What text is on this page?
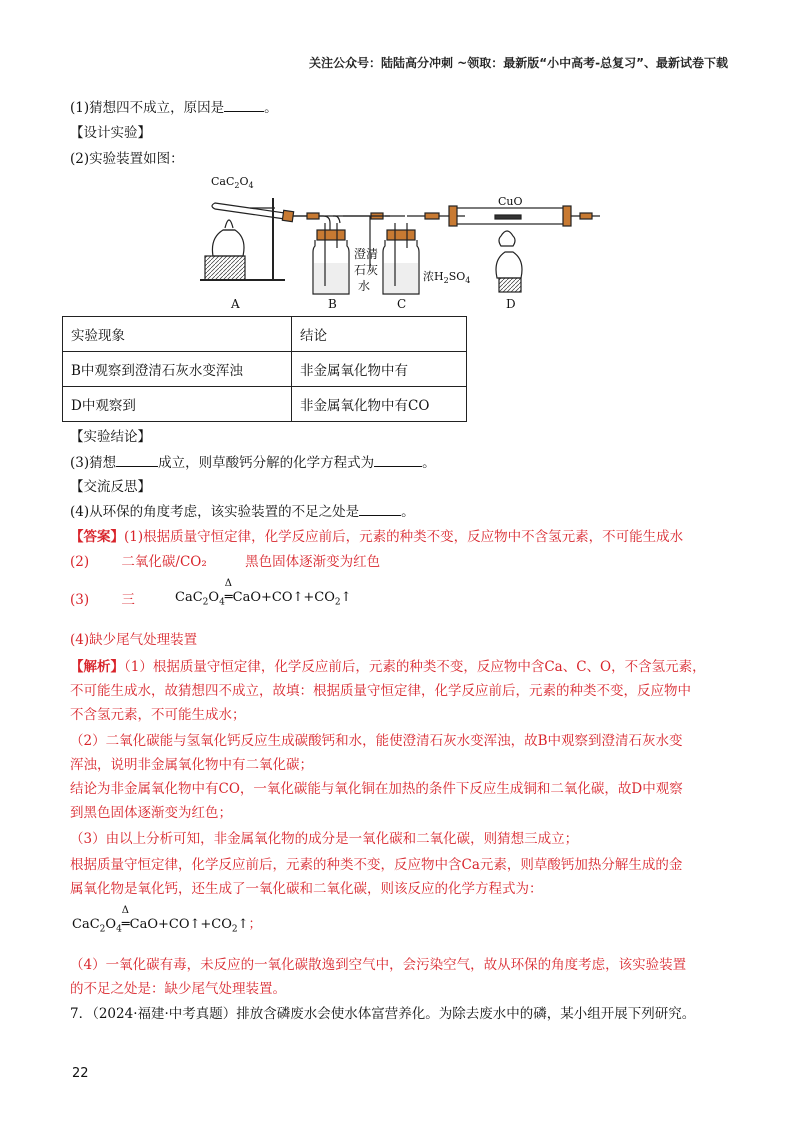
关注公众号：陆陆高分冲刺 ~领取：最新版“小中高考-总复习”、最新试卷下载
(1)猜想四不成立，原因是	。
【设计实验】
(2)实验装置如图：
$CaC_2O_4$
CuO
澄清
石灰
水
浓$H_2SO_4$
A	B	C	D
实验现象	结论
B中观察到澄清石灰水变浑浊	非金属氧化物中有
D中观察到	非金属氧化物中有CO
【实验结论】
(3)猜想	成立，则草酸钙分解的化学方程式为	。
【交流反思】
(4)从环保的角度考虑，该实验装置的不足之处是	。
【答案】(1)根据质量守恒定律，化学反应前后，元素的种类不变，反应物中不含氢元素，不可能生成水
(2) 二氧化碳/CO₂	黑色固体逐渐变为红色
(3) 三	$CaC_2O_4$
Δ
$═CaO+CO↑+CO_2↑$
(4)缺少尾气处理装置
【解析】（1）根据质量守恒定律，化学反应前后，元素的种类不变，反应物中含Ca、C、O，不含氢元素，
不可能生成水，故猜想四不成立，故填：根据质量守恒定律，化学反应前后，元素的种类不变，反应物中
不含氢元素，不可能生成水；
（2）二氧化碳能与氢氧化钙反应生成碳酸钙和水，能使澄清石灰水变浑浊，故B中观察到澄清石灰水变
浑浊，说明非金属氧化物中有二氧化碳；
结论为非金属氧化物中有CO，一氧化碳能与氧化铜在加热的条件下反应生成铜和二氧化碳，故D中观察
到黑色固体逐渐变为红色；
（3）由以上分析可知，非金属氧化物的成分是一氧化碳和二氧化碳，则猜想三成立；
根据质量守恒定律，化学反应前后，元素的种类不变，反应物中含Ca元素，则草酸钙加热分解生成的金
属氧化物是氧化钙，还生成了一氧化碳和二氧化碳，则该反应的化学方程式为：
$CaC_2O_4$
Δ
$═CaO+CO↑+CO_2↑$；
（4）一氧化碳有毒，未反应的一氧化碳散逸到空气中，会污染空气，故从环保的角度考虑，该实验装置
的不足之处是：缺少尾气处理装置。
7．（2024·福建·中考真题）排放含磷废水会使水体富营养化。为除去废水中的磷，某小组开展下列研究。
22
